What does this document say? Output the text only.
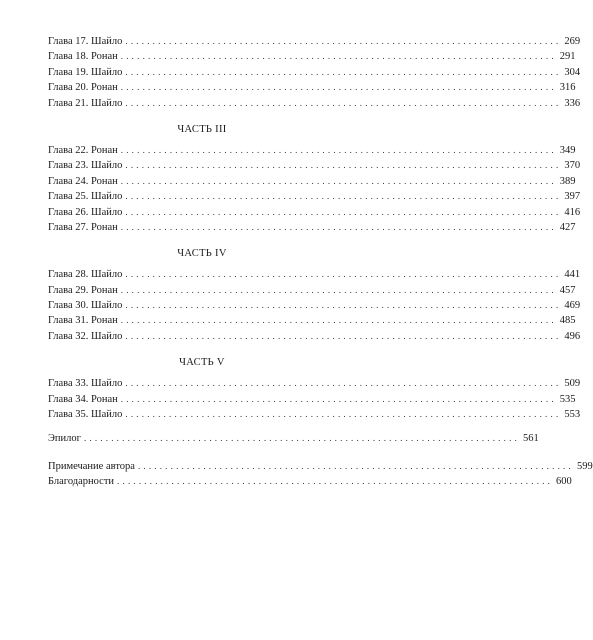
Глава 17. Шайло ................................................................................ 269
Глава 18. Ронан ................................................................................ 291
Глава 19. Шайло ................................................................................ 304
Глава 20. Ронан ................................................................................ 316
Глава 21. Шайло ................................................................................ 336
ЧАСТЬ III
Глава 22. Ронан ................................................................................ 349
Глава 23. Шайло ................................................................................ 370
Глава 24. Ронан ................................................................................ 389
Глава 25. Шайло ................................................................................ 397
Глава 26. Шайло ................................................................................ 416
Глава 27. Ронан ................................................................................ 427
ЧАСТЬ IV
Глава 28. Шайло ................................................................................ 441
Глава 29. Ронан ................................................................................ 457
Глава 30. Шайло ................................................................................ 469
Глава 31. Ронан ................................................................................ 485
Глава 32. Шайло ................................................................................ 496
ЧАСТЬ V
Глава 33. Шайло ................................................................................ 509
Глава 34. Ронан ................................................................................ 535
Глава 35. Шайло ................................................................................ 553
Эпилог ................................................................................ 561
Примечание автора ................................................................................ 599
Благодарности ................................................................................ 600
